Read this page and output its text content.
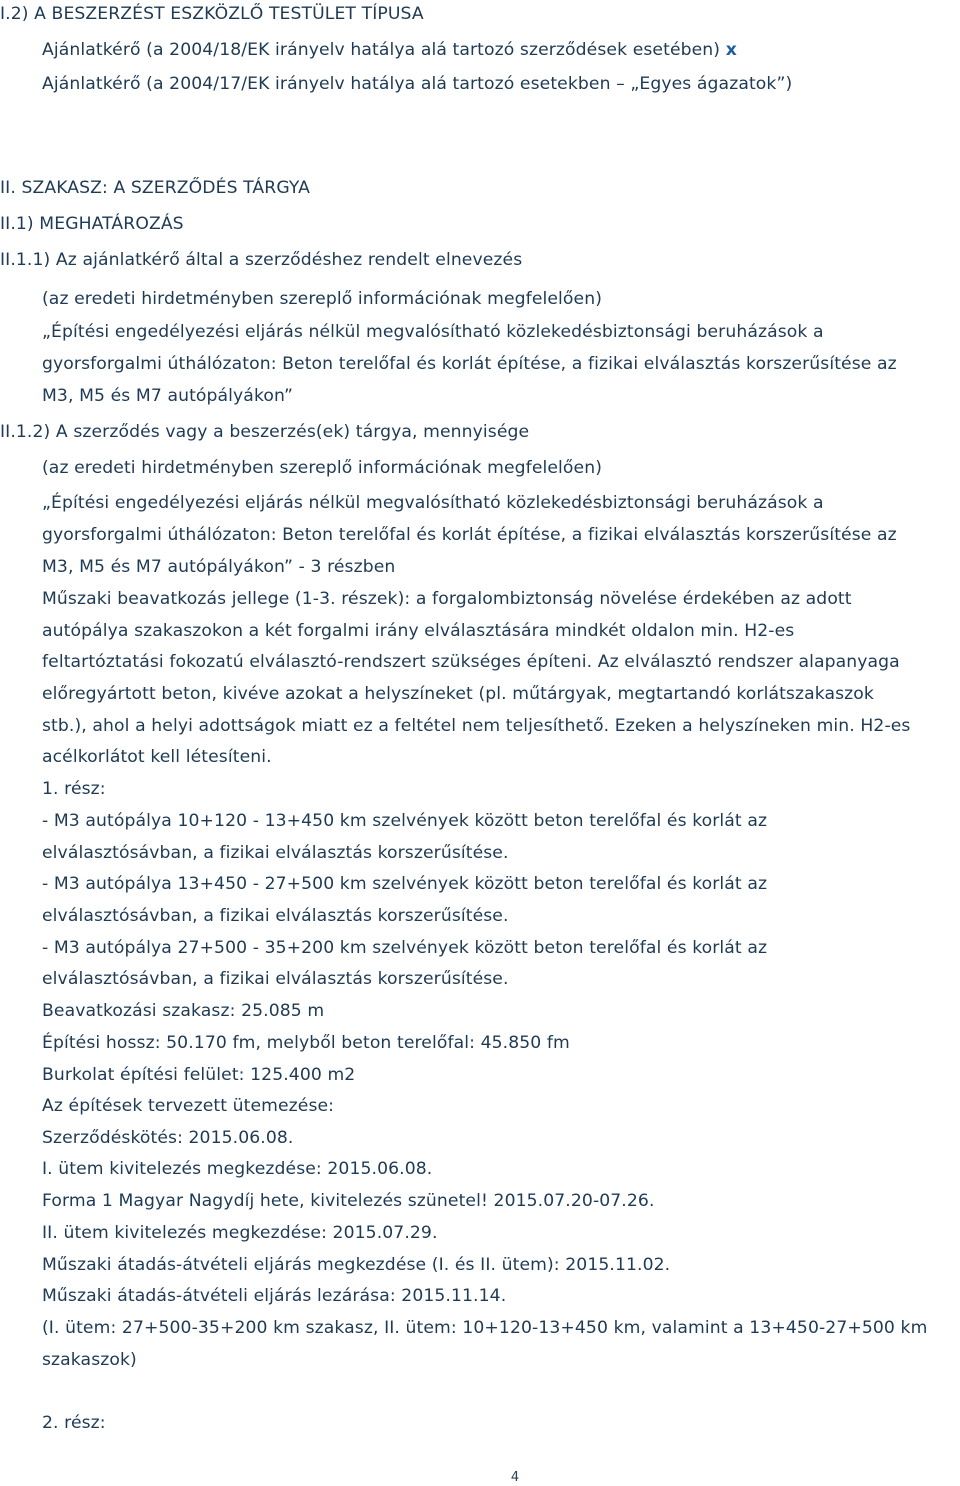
I.2) A BESZERZÉST ESZKÖZLŐ TESTÜLET TÍPUSA
Ajánlatkérő (a 2004/18/EK irányelv hatálya alá tartozó szerződések esetében) x
Ajánlatkérő (a 2004/17/EK irányelv hatálya alá tartozó esetekben – „Egyes ágazatok”)
II. SZAKASZ: A SZERZŐDÉS TÁRGYA
II.1) MEGHATÁROZÁS
II.1.1) Az ajánlatkérő által a szerződéshez rendelt elnevezés
(az eredeti hirdetményben szereplő információnak megfelelően)
„Építési engedélyezési eljárás nélkül megvalósítható közlekedésbiztonsági beruházások a
gyorsforgalmi úthálózaton: Beton terelőfal és korlát építése, a fizikai elválasztás korszerűsítése az
M3, M5 és M7 autópályákon”
II.1.2) A szerződés vagy a beszerzés(ek) tárgya, mennyisége
(az eredeti hirdetményben szereplő információnak megfelelően)
„Építési engedélyezési eljárás nélkül megvalósítható közlekedésbiztonsági beruházások a
gyorsforgalmi úthálózaton: Beton terelőfal és korlát építése, a fizikai elválasztás korszerűsítése az
M3, M5 és M7 autópályákon” - 3 részben
Műszaki beavatkozás jellege (1-3. részek): a forgalombiztonság növelése érdekében az adott
autópálya szakaszokon a két forgalmi irány elválasztására mindkét oldalon min. H2-es
feltartóztatási fokozatú elválasztó-rendszert szükséges építeni. Az elválasztó rendszer alapanyaga
előregyártott beton, kivéve azokat a helyszíneket (pl. műtárgyak, megtartandó korlátszakaszok
stb.), ahol a helyi adottságok miatt ez a feltétel nem teljesíthető. Ezeken a helyszíneken min. H2-es
acélkorlátot kell létesíteni.
1. rész:
- M3 autópálya 10+120 - 13+450 km szelvények között beton terelőfal és korlát az
elválasztósávban, a fizikai elválasztás korszerűsítése.
- M3 autópálya 13+450 - 27+500 km szelvények között beton terelőfal és korlát az
elválasztósávban, a fizikai elválasztás korszerűsítése.
- M3 autópálya 27+500 - 35+200 km szelvények között beton terelőfal és korlát az
elválasztósávban, a fizikai elválasztás korszerűsítése.
Beavatkozási szakasz: 25.085 m
Építési hossz: 50.170 fm, melyből beton terelőfal: 45.850 fm
Burkolat építési felület: 125.400 m2
Az építések tervezett ütemezése:
Szerződéskötés: 2015.06.08.
I. ütem kivitelezés megkezdése: 2015.06.08.
Forma 1 Magyar Nagydíj hete, kivitelezés szünetel! 2015.07.20-07.26.
II. ütem kivitelezés megkezdése: 2015.07.29.
Műszaki átadás-átvételi eljárás megkezdése (I. és II. ütem): 2015.11.02.
Műszaki átadás-átvételi eljárás lezárása: 2015.11.14.
(I. ütem: 27+500-35+200 km szakasz, II. ütem: 10+120-13+450 km, valamint a 13+450-27+500 km
szakaszok)
2. rész:
4
